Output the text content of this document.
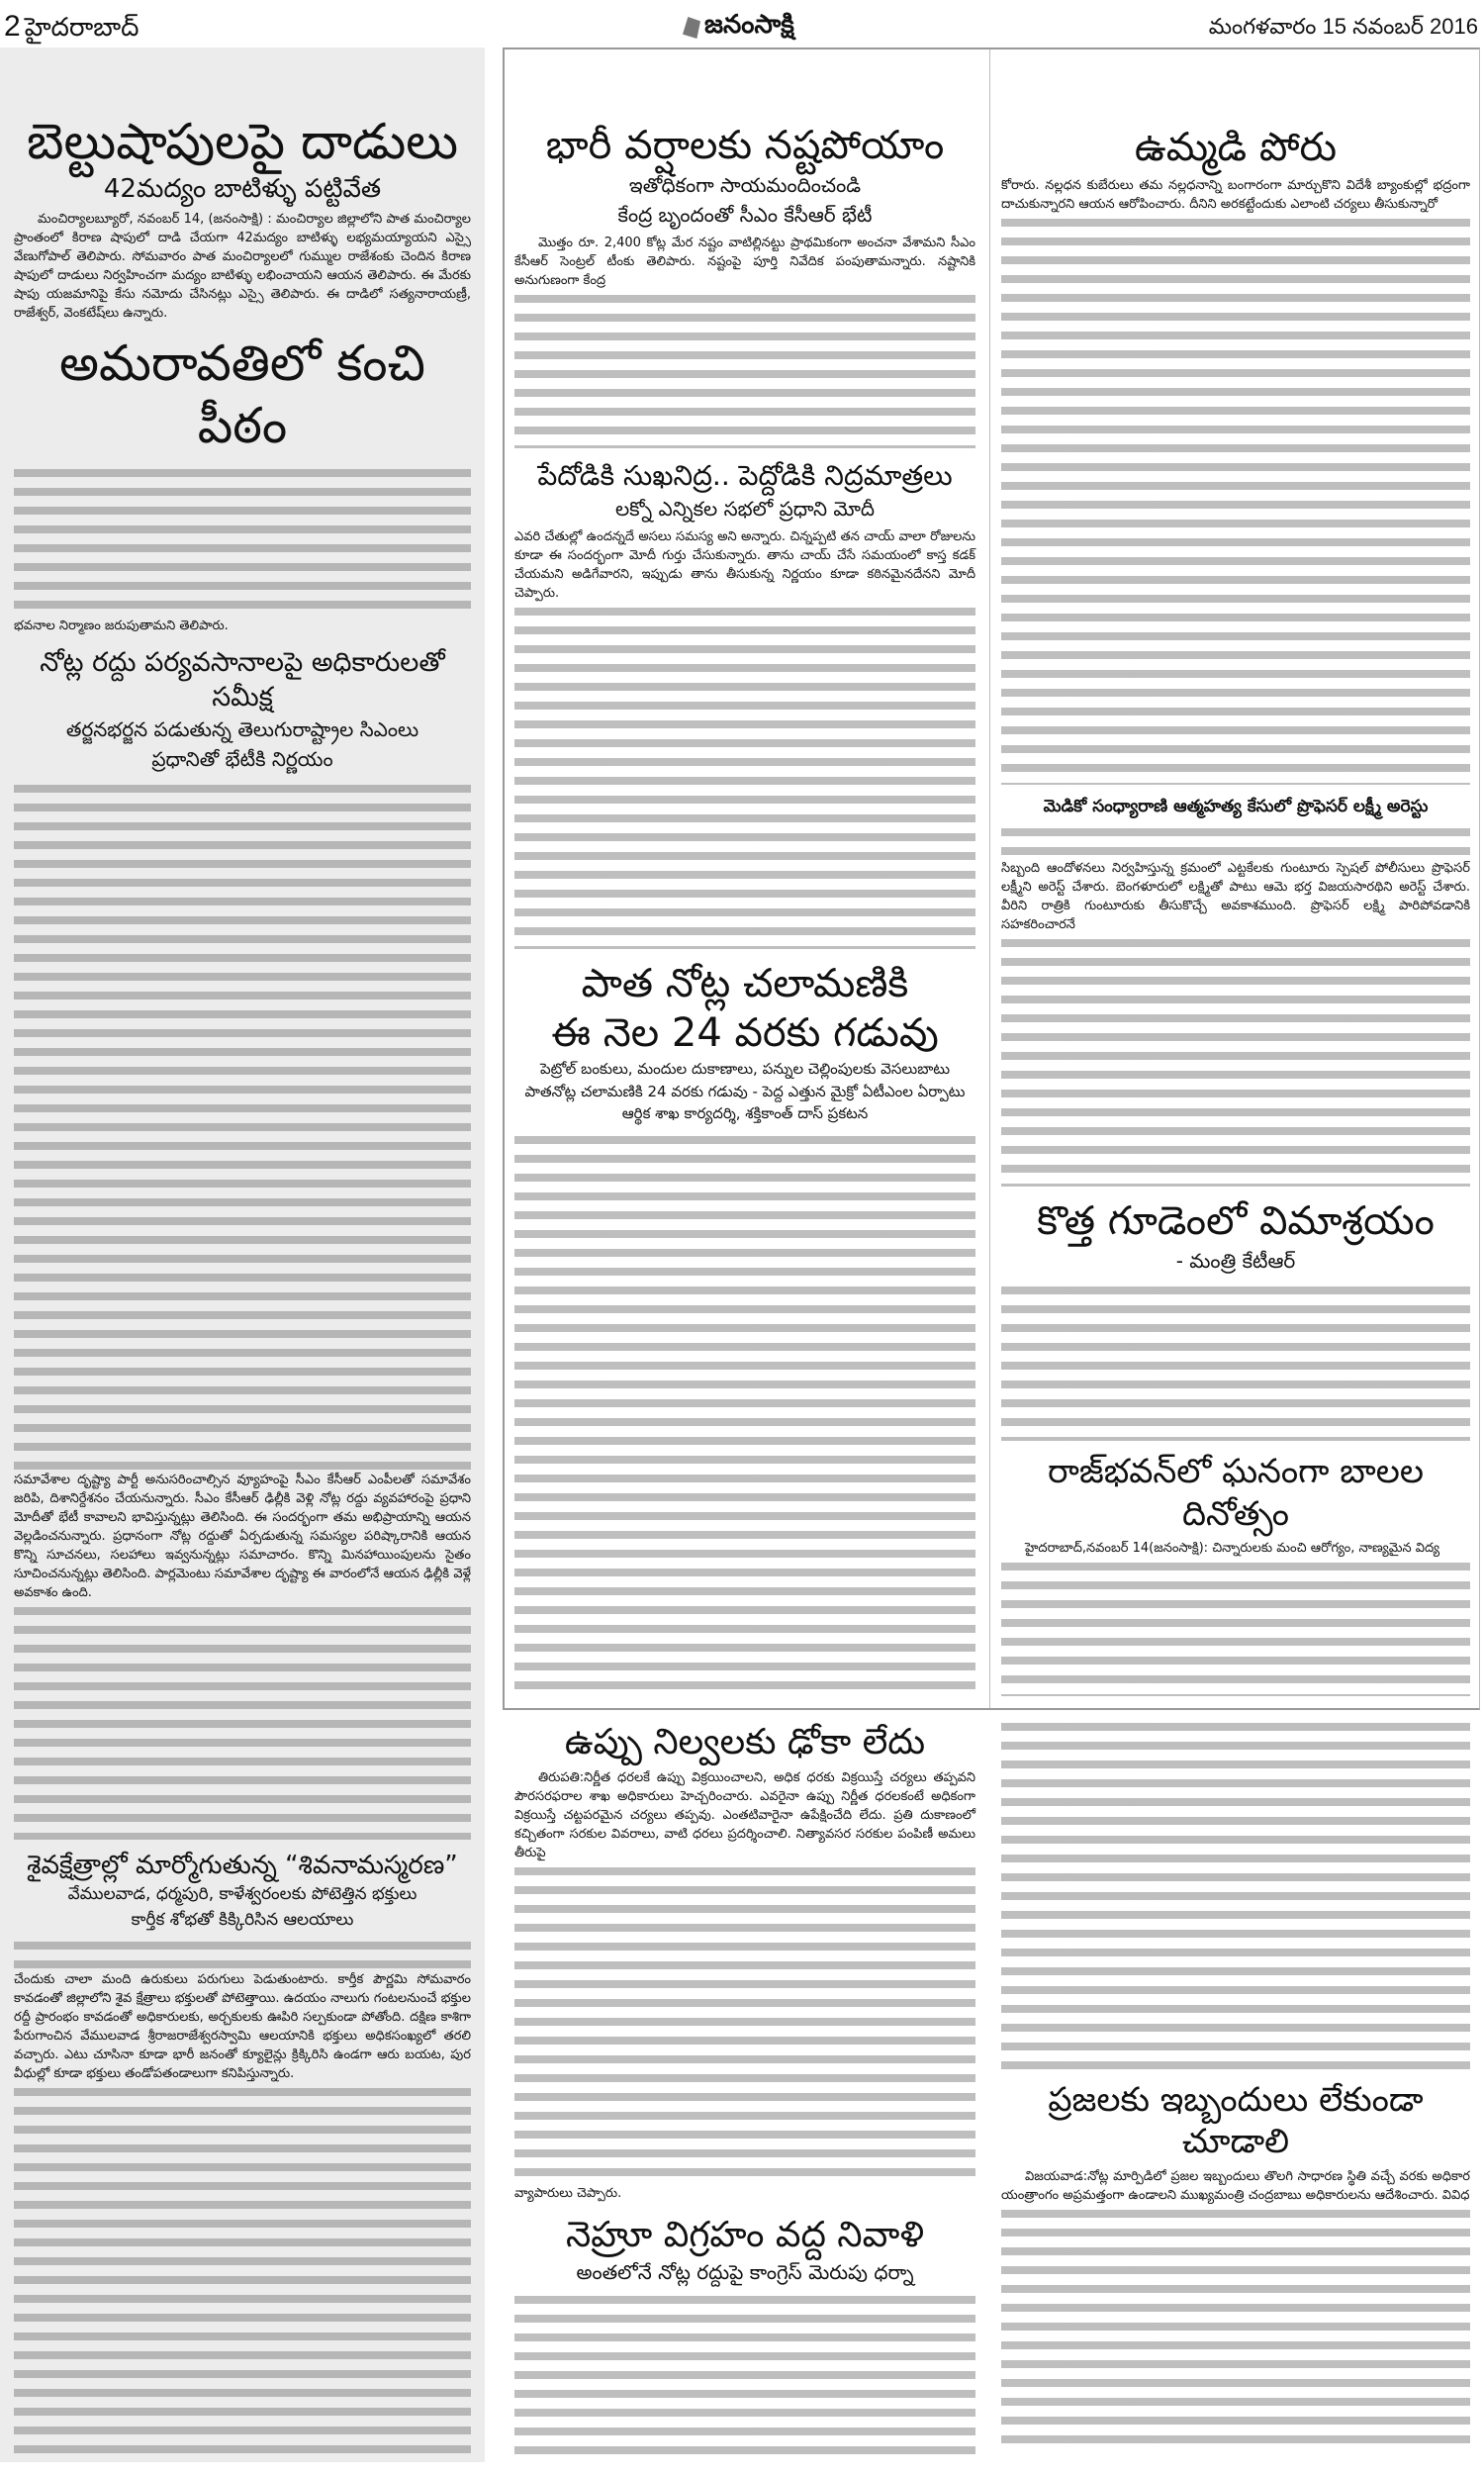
2 హైదరాబాద్	జనంసాక్షి	మంగళవారం 15 నవంబర్ 2016
బెల్టుషాపులపై దాడులు
42మద్యం బాటిళ్ళు పట్టివేత
మంచిర్యాలబ్యూరో, నవంబర్ 14, (జనంసాక్షి) : మంచిర్యాల జిల్లాలోని పాత మంచిర్యాల ప్రాంతంలో కిరాణ షాపులో దాడి చేయగా 42మద్యం బాటిళ్ళు లభ్యమయ్యాయని ఎస్సై వేణుగోపాల్ తెలిపారు. సోమవారం పాత మంచిర్యాలలో గుమ్ముల రాజేశంకు చెందిన కిరాణ షాపులో దాడులు నిర్వహించగా మద్యం బాటిళ్ళు లభించాయని ఆయన తెలిపారు. ఈ మేరకు షాపు యజమానిపై కేసు నమోదు చేసినట్లు ఎస్సై తెలిపారు. ఈ దాడిలో సత్యనారాయణ్రీ, రాజేశ్వర్, వెంకటేష్‌లు ఉన్నారు.
అమరావతిలో కంచి పీఠం
భవనాల నిర్మాణం జరుపుతామని తెలిపారు.
నోట్ల రద్దు పర్యవసానాలపై అధికారులతో సమీక్ష
తర్జనభర్జన పడుతున్న తెలుగురాష్ట్రాల సిఎంలు
ప్రధానితో భేటీకి నిర్ణయం
సమావేశాల దృష్ట్యా పార్టీ అనుసరించాల్సిన వ్యూహంపై సీఎం కేసీఆర్ ఎంపీలతో సమావేశం జరిపి, దిశానిర్దేశనం చేయనున్నారు. సీఎం కేసీఆర్ ఢిల్లీకి వెళ్లి నోట్ల రద్దు వ్యవహారంపై ప్రధాని మోదీతో భేటీ కావాలని భావిస్తున్నట్లు తెలిసింది. ఈ సందర్భంగా తమ అభిప్రాయాన్ని ఆయన వెల్లడించనున్నారు. ప్రధానంగా నోట్ల రద్దుతో ఏర్పడుతున్న సమస్యల పరిష్కారానికి ఆయన కొన్ని సూచనలు, సలహాలు ఇవ్వనున్నట్లు సమాచారం. కొన్ని మినహాయింపులను సైతం సూచించనున్నట్లు తెలిసింది. పార్లమెంటు సమావేశాల దృష్ట్యా ఈ వారంలోనే ఆయన ఢిల్లీకి వెళ్లే అవకాశం ఉంది.
శైవక్షేత్రాల్లో మార్మోగుతున్న “శివనామస్మరణ”
వేములవాడ, ధర్మపురి, కాళేశ్వరంలకు పోటెత్తిన భక్తులు
కార్తీక శోభతో కిక్కిరిసిన ఆలయాలు
చేందుకు చాలా మంది ఉరుకులు పరుగులు పెడుతుంటారు. కార్తీక పౌర్ణమి సోమవారం కావడంతో జిల్లాలోని శైవ క్షేత్రాలు భక్తులతో పోటెత్తాయి. ఉదయం నాలుగు గంటలనుంచే భక్తుల రద్దీ ప్రారంభం కావడంతో అధికారులకు, అర్చకులకు ఊపిరి సల్పకుండా పోతోంది. దక్షిణ కాశిగా పేరుగాంచిన వేములవాడ శ్రీరాజరాజేశ్వరస్వామి ఆలయానికి భక్తులు అధికసంఖ్యలో తరలి వచ్చారు. ఎటు చూసినా కూడా భారీ జనంతో క్యూలైన్లు క్రిక్కిరిసి ఉండగా ఆరు బయట, పుర వీధుల్లో కూడా భక్తులు తండోపతండాలుగా కనిపిస్తున్నారు.
భారీ వర్షాలకు నష్టపోయాం
ఇతోధికంగా సాయమందించండి
కేంద్ర బృందంతో సీఎం కేసీఆర్ భేటీ
మొత్తం రూ. 2,400 కోట్ల మేర నష్టం వాటిల్లినట్టు ప్రాథమికంగా అంచనా వేశామని సీఎం కేసీఆర్ సెంట్రల్ టీంకు తెలిపారు. నష్టంపై పూర్తి నివేదిక పంపుతామన్నారు. నష్టానికి అనుగుణంగా కేంద్ర
పేదోడికి సుఖనిద్ర.. పెద్దోడికి నిద్రమాత్రలు
లక్నో ఎన్నికల సభలో ప్రధాని మోదీ
ఎవరి చేతుల్లో ఉందన్నదే అసలు సమస్య అని అన్నారు. చిన్నప్పటి తన చాయ్ వాలా రోజులను కూడా ఈ సందర్భంగా మోదీ గుర్తు చేసుకున్నారు. తాను చాయ్ చేసే సమయంలో కాస్త కడక్ చేయమని అడిగేవారని, ఇప్పుడు తాను తీసుకున్న నిర్ణయం కూడా కఠినమైనదేనని మోదీ చెప్పారు.
పాత నోట్ల చలామణికి
ఈ నెల 24 వరకు గడువు
పెట్రోల్ బంకులు, మందుల దుకాణాలు, పన్నుల చెల్లింపులకు వెసలుబాటు
పాతనోట్ల చలామణికి 24 వరకు గడువు - పెద్ద ఎత్తున మైక్రో ఏటీఎంల ఏర్పాటు
ఆర్థిక శాఖ కార్యదర్శి, శక్తికాంత్ దాస్ ప్రకటన
ఉప్పు నిల్వలకు ఢోకా లేదు
తిరుపతి:నిర్ణీత ధరలకే ఉప్పు విక్రయించాలని, అధిక ధరకు విక్రయిస్తే చర్యలు తప్పవని పౌరసరఫరాల శాఖ అధికారులు హెచ్చరించారు. ఎవరైనా ఉప్పు నిర్ణీత ధరలకంటే అధికంగా విక్రయిస్తే చట్టపరమైన చర్యలు తప్పవు. ఎంతటివారైనా ఉపేక్షించేది లేదు. ప్రతి దుకాణంలో కచ్చితంగా సరకుల వివరాలు, వాటి ధరలు ప్రదర్శించాలి. నిత్యావసర సరకుల పంపిణీ అమలు తీరుపై
వ్యాపారులు చెప్పారు.
నెహ్రూ విగ్రహం వద్ద నివాళి
అంతలోనే నోట్ల రద్దుపై కాంగ్రెస్ మెరుపు ధర్నా
ఉమ్మడి పోరు
కోరారు. నల్లధన కుబేరులు తమ నల్లధనాన్ని బంగారంగా మార్చుకొని విదేశీ బ్యాంకుల్లో భద్రంగా దాచుకున్నారని ఆయన ఆరోపించారు. దీనిని అరకట్టేందుకు ఎలాంటి చర్యలు తీసుకున్నారో
మెడికో సంధ్యారాణి ఆత్మహత్య కేసులో ప్రొఫెసర్ లక్ష్మీ అరెస్టు
సిబ్బంది ఆందోళనలు నిర్వహిస్తున్న క్రమంలో ఎట్టకేలకు గుంటూరు స్పెషల్ పోలీసులు ప్రొఫెసర్ లక్ష్మీని అరెస్ట్ చేశారు. బెంగళూరులో లక్ష్మితో పాటు ఆమె భర్త విజయసారథిని అరెస్ట్ చేశారు. వీరిని రాత్రికి గుంటూరుకు తీసుకొచ్చే అవకాశముంది. ప్రొఫెసర్ లక్ష్మి పారిపోవడానికి సహకరించారనే
కొత్త గూడెంలో విమాశ్రయం
- మంత్రి కేటీఆర్
రాజ్‌భవన్‌లో ఘనంగా బాలల దినోత్సం
హైదరాబాద్,నవంబర్ 14(జనంసాక్షి): చిన్నారులకు మంచి ఆరోగ్యం, నాణ్యమైన విద్య
ప్రజలకు ఇబ్బందులు లేకుండా చూడాలి
విజయవాడ:నోట్ల మార్పిడిలో ప్రజల ఇబ్బందులు తొలగి సాధారణ స్థితి వచ్చే వరకు అధికార యంత్రాంగం అప్రమత్తంగా ఉండాలని ముఖ్యమంత్రి చంద్రబాబు అధికారులను ఆదేశించారు. వివిధ
